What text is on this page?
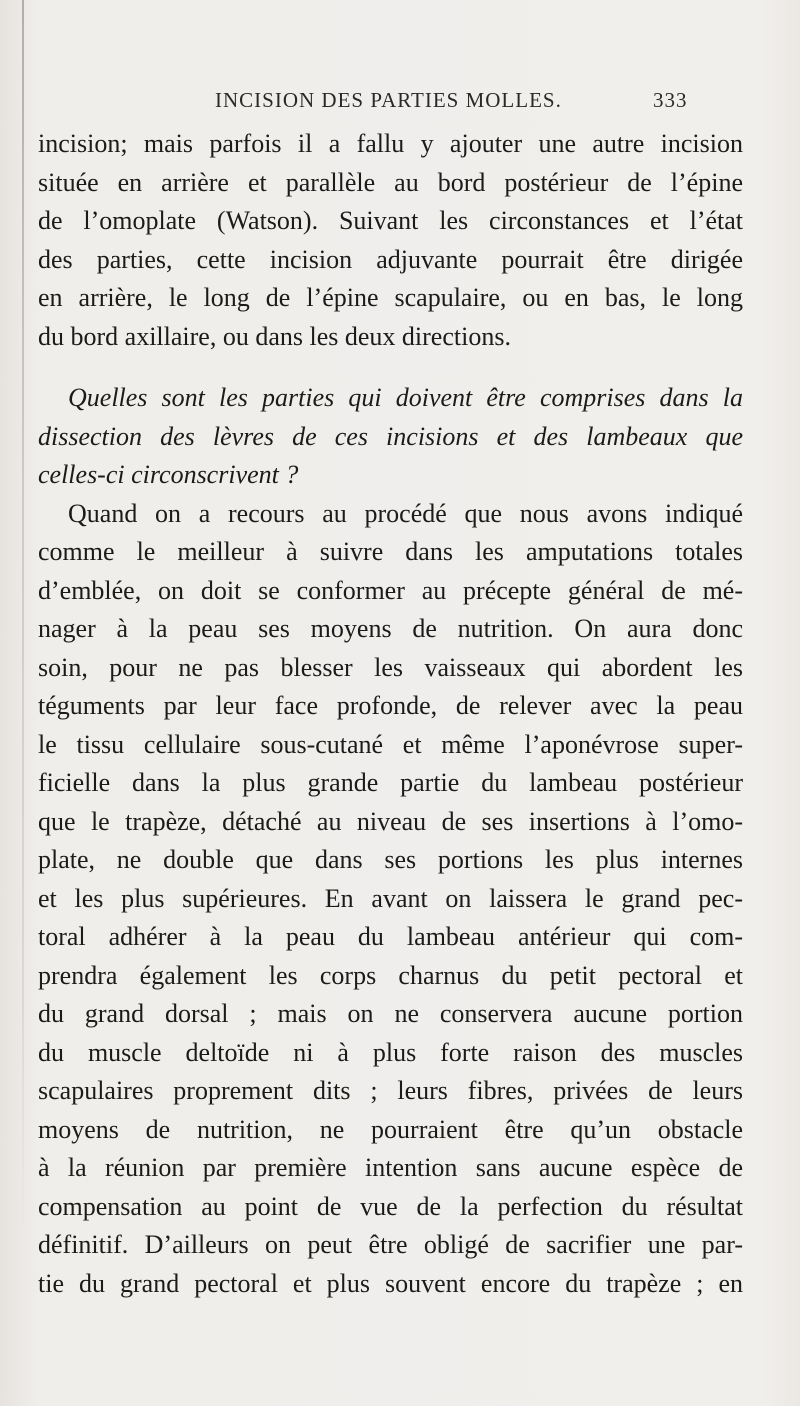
INCISION DES PARTIES MOLLES.	333
incision; mais parfois il a fallu y ajouter une autre incision
située en arrière et parallèle au bord postérieur de l’épine
de l’omoplate (Watson). Suivant les circonstances et l’état
des parties, cette incision adjuvante pourrait être dirigée
en arrière, le long de l’épine scapulaire, ou en bas, le long
du bord axillaire, ou dans les deux directions.
Quelles sont les parties qui doivent être comprises dans la
dissection des lèvres de ces incisions et des lambeaux que
celles-ci circonscrivent ?
Quand on a recours au procédé que nous avons indiqué
comme le meilleur à suivre dans les amputations totales
d’emblée, on doit se conformer au précepte général de mé-
nager à la peau ses moyens de nutrition. On aura donc
soin, pour ne pas blesser les vaisseaux qui abordent les
téguments par leur face profonde, de relever avec la peau
le tissu cellulaire sous-cutané et même l’aponévrose super-
ficielle dans la plus grande partie du lambeau postérieur
que le trapèze, détaché au niveau de ses insertions à l’omo-
plate, ne double que dans ses portions les plus internes
et les plus supérieures. En avant on laissera le grand pec-
toral adhérer à la peau du lambeau antérieur qui com-
prendra également les corps charnus du petit pectoral et
du grand dorsal ; mais on ne conservera aucune portion
du muscle deltoïde ni à plus forte raison des muscles
scapulaires proprement dits ; leurs fibres, privées de leurs
moyens de nutrition, ne pourraient être qu’un obstacle
à la réunion par première intention sans aucune espèce de
compensation au point de vue de la perfection du résultat
définitif. D’ailleurs on peut être obligé de sacrifier une par-
tie du grand pectoral et plus souvent encore du trapèze ; en
